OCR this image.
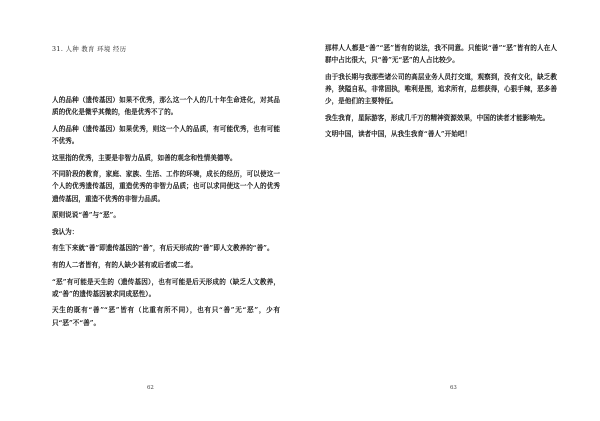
31. 人种 教育 环境 经历

人的品种（遗传基因）如果不优秀，那么这一个人的几十年生命进化，对其品质的优化是微乎其微的，他是优秀不了的。

人的品种（遗传基因）如果优秀，则这一个人的品质，有可能优秀，也有可能不优秀。

这里指的优秀，主要是非智力品质，如善的观念和性情美德等。

不同阶段的教育，家庭、家族、生活、工作的环境，成长的经历，可以使这一个人的优秀遗传基因，重造优秀的非智力品质；也可以求同使这一个人的优秀遗传基因，重造不优秀的非智力品质。

原则说说“善”与“恶”。

我认为：

有生下来就“善”即遗传基因的“善”，有后天形成的“善”即人文教养的“善”。

有的人二者皆有，有的人缺少甚有或后者或二者。

“恶”有可能是天生的（遗传基因），也有可能是后天形成的（缺乏人文教养，或“善”的遗传基因被求同成恶性）。

天生的既有“善”“恶”皆有（比重有所不同），也有只“善”无“恶”，少有只“恶”不“善”。

62

那样人人都是“善”“恶”皆有的说法，我不同意。只能说“善”“恶”皆有的人在人群中占比很大，只“善”无“恶”的人占比较少。

由于我长期与我那些诸公司的高层业务人员打交道，观察到，没有文化，缺乏教养，狭隘自私，非常固执，唯利是图，追求所有，总想获得，心狠手辣，恶多善少，是他们的主要特征。

我生我育，星际游客，形成几千万的精神资源效果，中国的读者才能影响先。

文明中国，读者中国，从我生我育“善人”开始吧！

63
